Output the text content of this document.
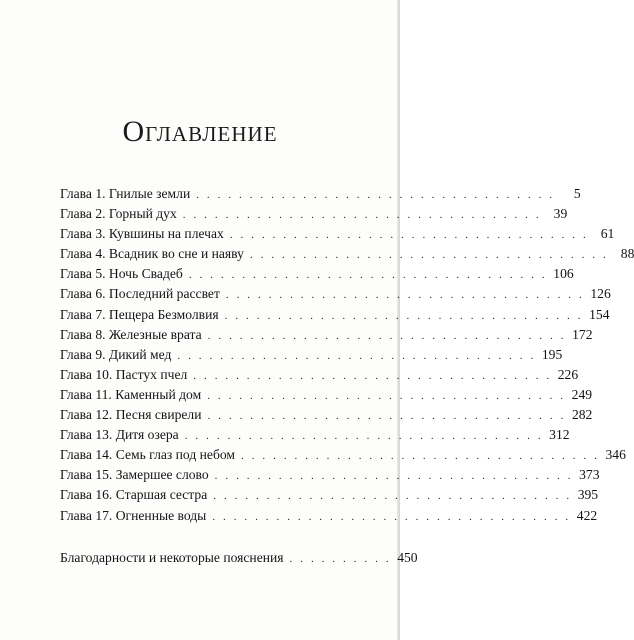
Оглавление
Глава 1. Гнилые земли . . . . . . . . . . . . . . . . . . . . . . . . . . . . . . . . . .	5
Глава 2. Горный дух . . . . . . . . . . . . . . . . . . . . . . . . . . . . . . . . . . 39
Глава 3. Кувшины на плечах . . . . . . . . . . . . . . . . . . . . . . . . . . . . . . . . . . 61
Глава 4. Всадник во сне и наяву . . . . . . . . . . . . . . . . . . . . . . . . . . . . . . . . . . 88
Глава 5. Ночь Свадеб . . . . . . . . . . . . . . . . . . . . . . . . . . . . . . . . . . 106
Глава 6. Последний рассвет . . . . . . . . . . . . . . . . . . . . . . . . . . . . . . . . . . 126
Глава 7. Пещера Безмолвия . . . . . . . . . . . . . . . . . . . . . . . . . . . . . . . . . . 154
Глава 8. Железные врата . . . . . . . . . . . . . . . . . . . . . . . . . . . . . . . . . . 172
Глава 9. Дикий мед . . . . . . . . . . . . . . . . . . . . . . . . . . . . . . . . . . 195
Глава 10. Пастух пчел . . . . . . . . . . . . . . . . . . . . . . . . . . . . . . . . . . 226
Глава 11. Каменный дом . . . . . . . . . . . . . . . . . . . . . . . . . . . . . . . . . . 249
Глава 12. Песня свирели . . . . . . . . . . . . . . . . . . . . . . . . . . . . . . . . . . 282
Глава 13. Дитя озера . . . . . . . . . . . . . . . . . . . . . . . . . . . . . . . . . . 312
Глава 14. Семь глаз под небом . . . . . . . . . . . . . . . . . . . . . . . . . . . . . . . . . . 346
Глава 15. Замершее слово . . . . . . . . . . . . . . . . . . . . . . . . . . . . . . . . . . 373
Глава 16. Старшая сестра . . . . . . . . . . . . . . . . . . . . . . . . . . . . . . . . . . 395
Глава 17. Огненные воды . . . . . . . . . . . . . . . . . . . . . . . . . . . . . . . . . . 422
Благодарности и некоторые пояснения . . . . . . . . . . 450
